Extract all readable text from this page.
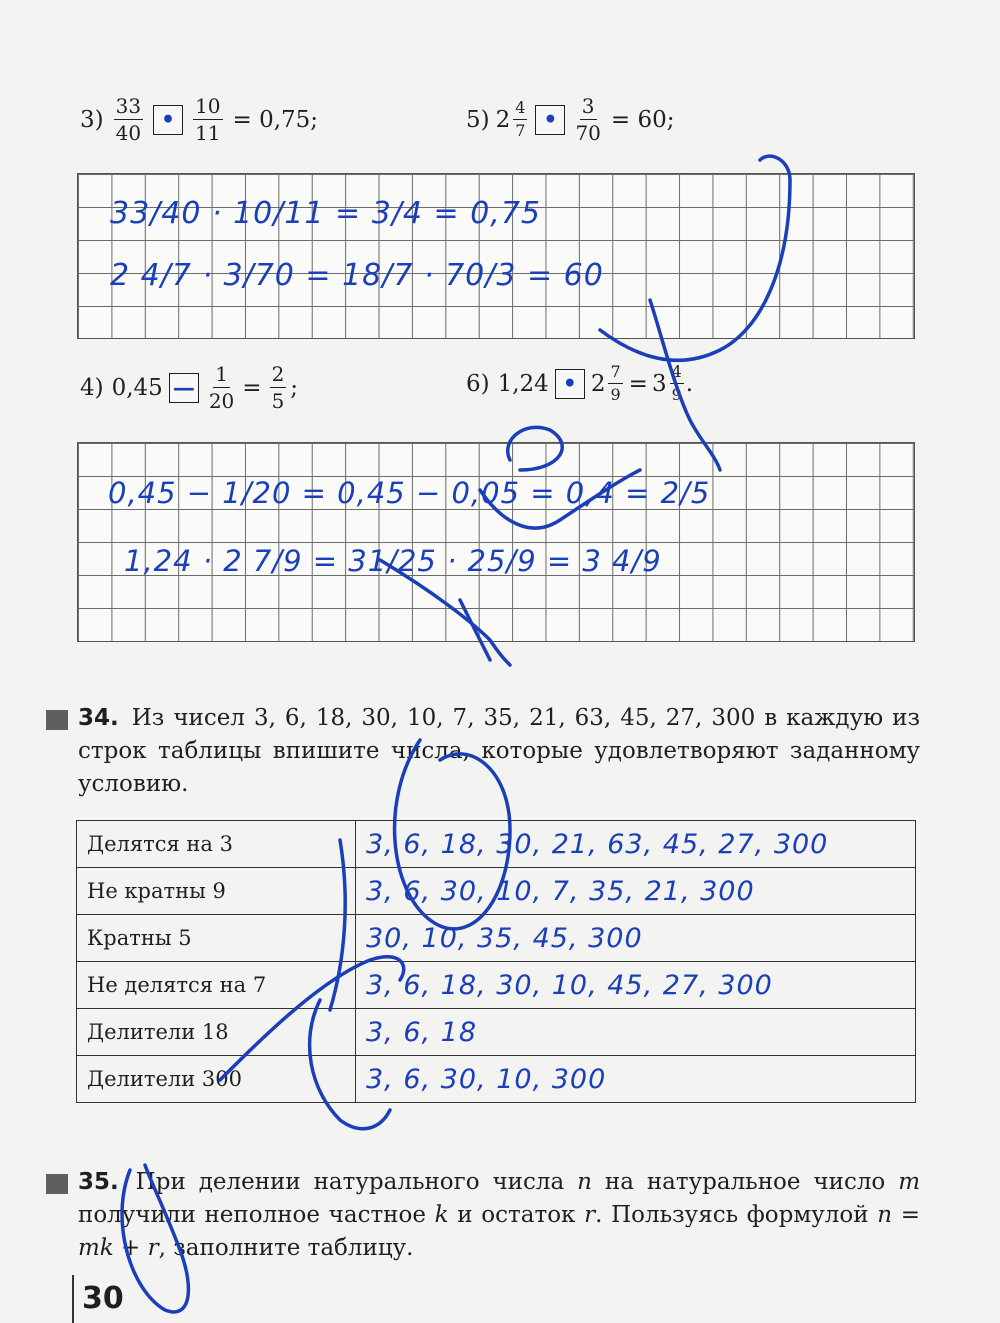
$3) \frac{33}{40}$ • $\frac{10}{11} = 0,75$;	5) $2 \frac{4}{7}$ • $\frac{3}{70} = 60$;
33/40 · 10/11 = 3/4 = 0,75
2 4/7 · 3/70 = 18/7 · 70/3 = 60
4) 0,45 — $\frac{1}{20} = \frac{2}{5}$ ;	6) 1,24 • $2 \frac{7}{9} = 3 \frac{4}{9}$ .
0,45 − 1/20 = 0,45 − 0,05 = 0,4 = 2/5
1,24 · 2 7/9 = 31/25 · 25/9 = 3 4/9
34. Из чисел 3, 6, 18, 30, 10, 7, 35, 21, 63, 45, 27, 300 в каждую из строк таблицы впишите числа, которые удовлетворяют заданному условию.
Делятся на 3	3, 6, 18, 30, 21, 63, 45, 27, 300
Не кратны 9	3, 6, 30, 10, 7, 35, 21, 300
Кратны 5	30, 10, 35, 45, 300
Не делятся на 7	3, 6, 18, 30, 10, 45, 27, 300
Делители 18	3, 6, 18
Делители 300	3, 6, 30, 10, 300
35. При делении натурального числа n на натуральное число m получили неполное частное k и остаток r. Пользуясь формулой n = mk + r, заполните таблицу.
30
